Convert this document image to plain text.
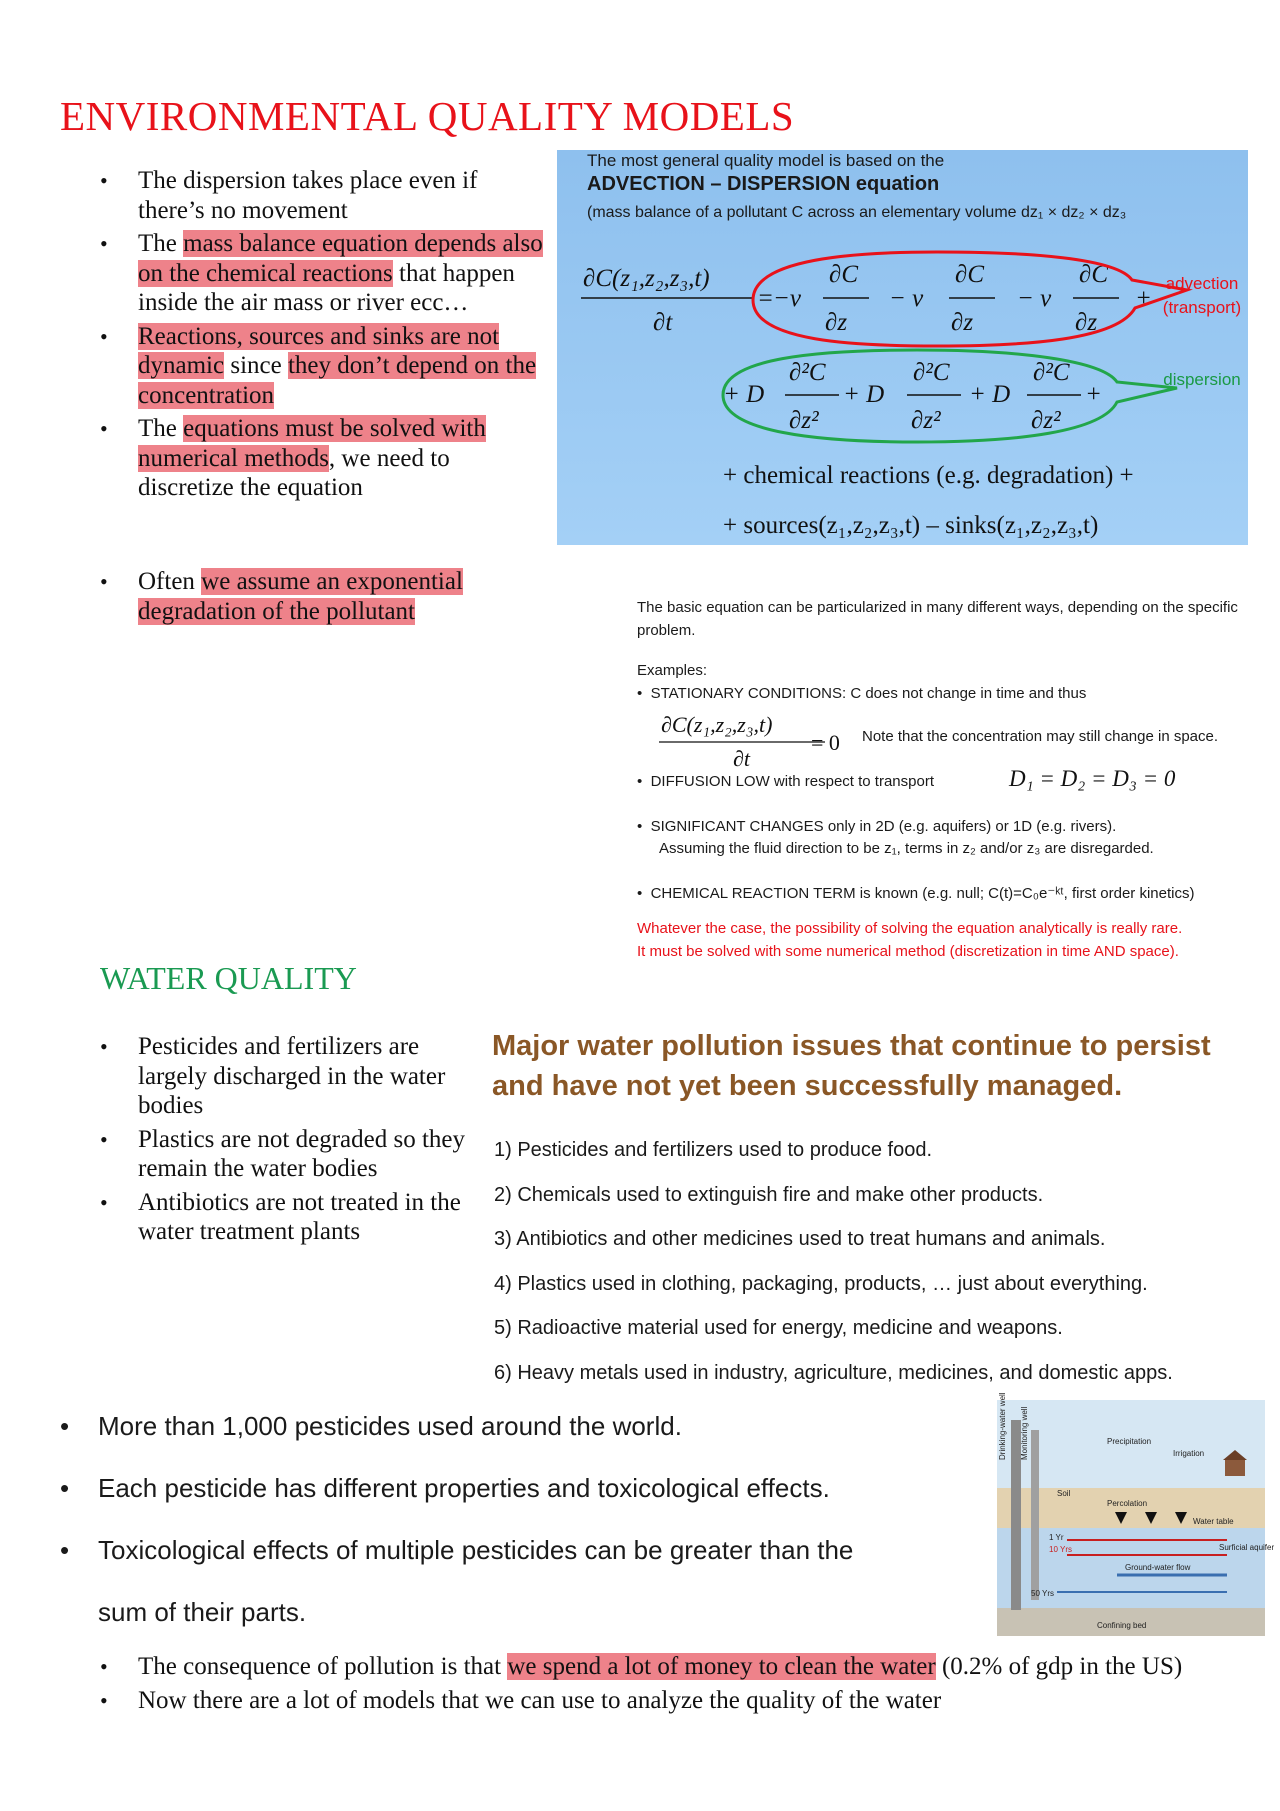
ENVIRONMENTAL QUALITY MODELS
• The dispersion takes place even if there’s no movement
• The mass balance equation depends also on the chemical reactions that happen inside the air mass or river ecc…
• Reactions, sources and sinks are not dynamic since they don’t depend on the concentration
• The equations must be solved with numerical methods, we need to discretize the equation
• Often we assume an exponential degradation of the pollutant
The most general quality model is based on the
ADVECTION – DISPERSION equation
(mass balance of a pollutant C across an elementary volume dz₁ × dz₂ × dz₃
∂C(z₁,z₂,z₃,t)
∂t
= −v
∂C
∂z
− v
∂C
∂z
− v
∂C
∂z
+
+ D
∂²C
∂z²
+ D
∂²C
∂z²
+ D
∂²C
∂z²
+
+ chemical reactions (e.g. degradation) +
+ sources(z₁,z₂,z₃,t) – sinks(z₁,z₂,z₃,t)
advection
(transport)
dispersion
The basic equation can be particularized in many different ways, depending on the specific problem.
Examples:
•  STATIONARY CONDITIONS: C does not change in time and thus
∂C(z₁,z₂,z₃,t)
∂t
= 0 Note that the concentration may still change in space.
•  DIFFUSION LOW with respect to transport	D₁ = D₂ = D₃ = 0
•  SIGNIFICANT CHANGES only in 2D (e.g. aquifers) or 1D (e.g. rivers).
Assuming the fluid direction to be z₁, terms in z₂ and/or z₃ are disregarded.
•  CHEMICAL REACTION TERM is known (e.g. null; C(t)=C₀e⁻ᵏᵗ, first order kinetics)
Whatever the case, the possibility of solving the equation analytically is really rare.
It must be solved with some numerical method (discretization in time AND space).
WATER QUALITY
• Pesticides and fertilizers are largely discharged in the water bodies
• Plastics are not degraded so they remain the water bodies
• Antibiotics are not treated in the water treatment plants
Major water pollution issues that continue to persist and have not yet been successfully managed.
1) Pesticides and fertilizers used to produce food.
2) Chemicals used to extinguish fire and make other products.
3) Antibiotics and other medicines used to treat humans and animals.
4) Plastics used in clothing, packaging, products, … just about everything.
5) Radioactive material used for energy, medicine and weapons.
6) Heavy metals used in industry, agriculture, medicines, and domestic apps.
• More than 1,000 pesticides used around the world.
• Each pesticide has different properties and toxicological effects.
• Toxicological effects of multiple pesticides can be greater than the
sum of their parts.
Drinking-water well Monitoring well	Precipitation
Irrigation
Soil
Percolation
Water table
1 Yr
10 Yrs
50 Yrs
Surficial aquifer
Ground-water flow
Confining bed
• The consequence of pollution is that we spend a lot of money to clean the water (0.2% of gdp in the US)
• Now there are a lot of models that we can use to analyze the quality of the water
